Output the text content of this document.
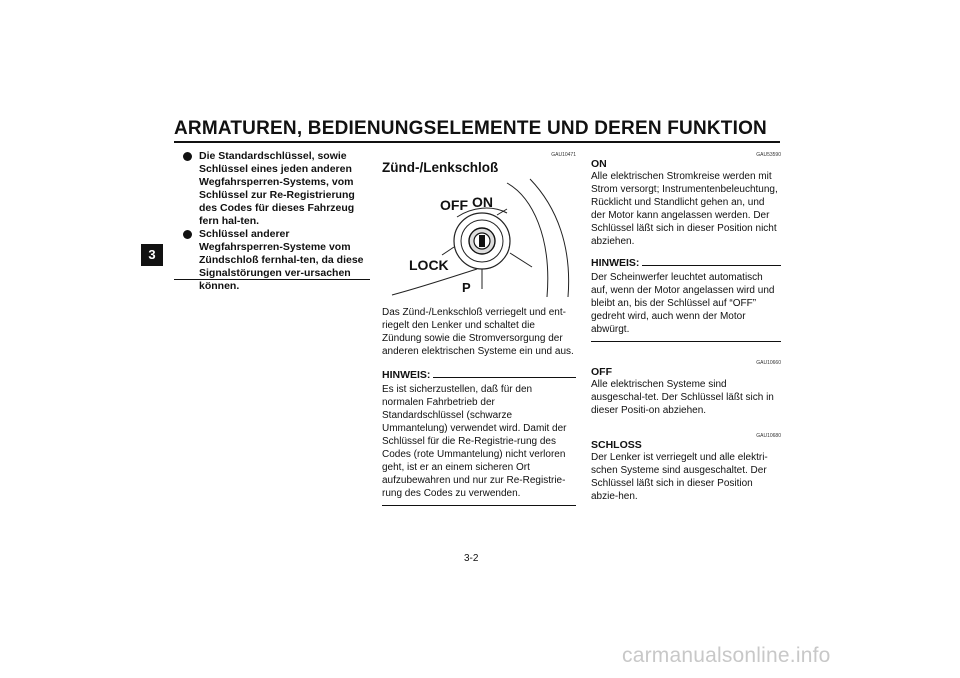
ARMATUREN, BEDIENUNGSELEMENTE UND DEREN FUNKTION
3
Die Standardschlüssel, sowie Schlüssel eines jeden anderen Wegfahrsperren-Systems, vom Schlüssel zur Re-Registrierung des Codes für dieses Fahrzeug fern hal-ten.
Schlüssel anderer Wegfahrsperren-Systeme vom Zündschloß fernhal-ten, da diese Signalstörungen ver-ursachen können.
GAU10471
Zünd-/Lenkschloß
OFF ON
LOCK
P
Das Zünd-/Lenkschloß verriegelt und ent-riegelt den Lenker und schaltet die Zündung sowie die Stromversorgung der anderen elektrischen Systeme ein und aus.
HINWEIS:
Es ist sicherzustellen, daß für den normalen Fahrbetrieb der Standardschlüssel (schwarze Ummantelung) verwendet wird. Damit der Schlüssel für die Re-Registrie-rung des Codes (rote Ummantelung) nicht verloren geht, ist er an einem sicheren Ort aufzubewahren und nur zur Re-Registrie-rung des Codes zu verwenden.
GAU53590
ON
Alle elektrischen Stromkreise werden mit Strom versorgt; Instrumentenbeleuchtung, Rücklicht und Standlicht gehen an, und der Motor kann angelassen werden. Der Schlüssel läßt sich in dieser Position nicht abziehen.
HINWEIS:
Der Scheinwerfer leuchtet automatisch auf, wenn der Motor angelassen wird und bleibt an, bis der Schlüssel auf “OFF” gedreht wird, auch wenn der Motor abwürgt.
GAU10660
OFF
Alle elektrischen Systeme sind ausgeschal-tet. Der Schlüssel läßt sich in dieser Positi-on abziehen.
GAU10680
SCHLOSS
Der Lenker ist verriegelt und alle elektri-schen Systeme sind ausgeschaltet. Der Schlüssel läßt sich in dieser Position abzie-hen.
3-2
carmanualsonline.info
